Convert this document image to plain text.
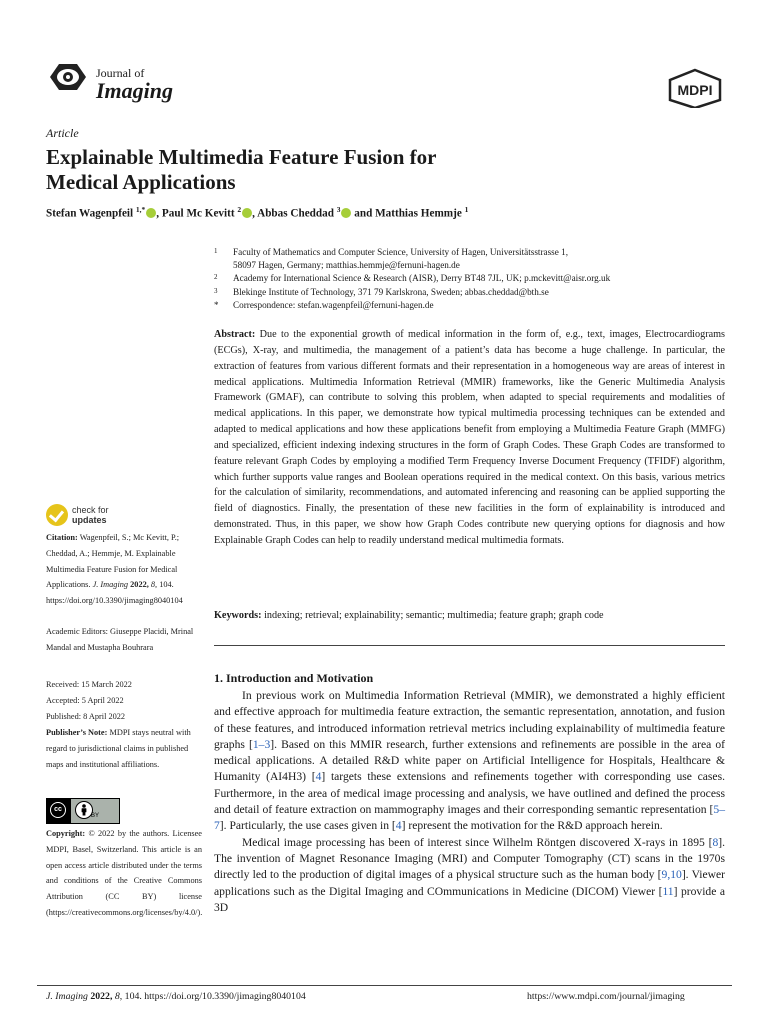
Journal of
Imaging	MDPI
Article
Explainable Multimedia Feature Fusion for
Medical Applications
Stefan Wagenpfeil $^{1,*}$ , Paul Mc Kevitt $^2$ , Abbas Cheddad $^3$ and Matthias Hemmje $^1$
1 Faculty of Mathematics and Computer Science, University of Hagen, Universitätsstrasse 1,
58097 Hagen, Germany; matthias.hemmje@fernuni-hagen.de
2 Academy for International Science & Research (AISR), Derry BT48 7JL, UK; p.mckevitt@aisr.org.uk
3 Blekinge Institute of Technology, 371 79 Karlskrona, Sweden; abbas.cheddad@bth.se
* Correspondence: stefan.wagenpfeil@fernuni-hagen.de
Abstract: Due to the exponential growth of medical information in the form of, e.g., text, images, Electrocardiograms (ECGs), X-ray, and multimedia, the management of a patient’s data has become a huge challenge. In particular, the extraction of features from various different formats and their representation in a homogeneous way are areas of interest in medical applications. Multimedia Information Retrieval (MMIR) frameworks, like the Generic Multimedia Analysis Framework (GMAF), can contribute to solving this problem, when adapted to special requirements and modalities of medical applications. In this paper, we demonstrate how typical multimedia processing techniques can be extended and adapted to medical applications and how these applications benefit from employing a Multimedia Feature Graph (MMFG) and specialized, efficient indexing indexing structures in the form of Graph Codes. These Graph Codes are transformed to feature relevant Graph Codes by employing a modified Term Frequency Inverse Document Frequency (TFIDF) algorithm, which further supports value ranges and Boolean operations required in the medical context. On this basis, various metrics for the calculation of similarity, recommendations, and automated inferencing and reasoning can be applied supporting the field of diagnostics. Finally, the presentation of these new facilities in the form of explainability is introduced and demonstrated. Thus, in this paper, we show how Graph Codes contribute new querying options for diagnosis and how Explainable Graph Codes can help to readily understand medical multimedia formats.
Keywords: indexing; retrieval; explainability; semantic; multimedia; feature graph; graph code
check for
updates
Citation: Wagenpfeil, S.; Mc Kevitt, P.; Cheddad, A.; Hemmje, M. Explainable Multimedia Feature Fusion for Medical Applications. J. Imaging 2022, 8, 104. https://doi.org/10.3390/jimaging8040104
Academic Editors: Giuseppe Placidi, Mrinal Mandal and Mustapha Bouhrara
Received: 15 March 2022
Accepted: 5 April 2022
Published: 8 April 2022
Publisher’s Note: MDPI stays neutral with regard to jurisdictional claims in published maps and institutional affiliations.
cc
BY
Copyright: © 2022 by the authors. Licensee MDPI, Basel, Switzerland. This article is an open access article distributed under the terms and conditions of the Creative Commons Attribution (CC BY) license (https://creativecommons.org/licenses/by/4.0/).
1. Introduction and Motivation

In previous work on Multimedia Information Retrieval (MMIR), we demonstrated a highly efficient and effective approach for multimedia feature extraction, the semantic representation, annotation, and fusion of these features, and introduced information retrieval metrics including explainability of multimedia feature graphs [1–3]. Based on this MMIR research, further extensions and refinements are possible in the area of medical applications. A detailed R&D white paper on Artificial Intelligence for Hospitals, Healthcare & Humanity (AI4H3) [4] targets these extensions and refinements together with corresponding use cases. Furthermore, in the area of medical image processing and analysis, we have outlined and defined the process and detail of feature extraction on mammography images and their corresponding semantic representation [5–7]. Particularly, the use cases given in [4] represent the motivation for the R&D approach herein.

Medical image processing has been of interest since Wilhelm Röntgen discovered X-rays in 1895 [8]. The invention of Magnet Resonance Imaging (MRI) and Computer Tomography (CT) scans in the 1970s directly led to the production of digital images of a physical structure such as the human body [9,10]. Viewer applications such as the Digital Imaging and COmmunications in Medicine (DICOM) Viewer [11] provide a 3D

J. Imaging 2022, 8, 104. https://doi.org/10.3390/jimaging8040104	https://www.mdpi.com/journal/jimaging
